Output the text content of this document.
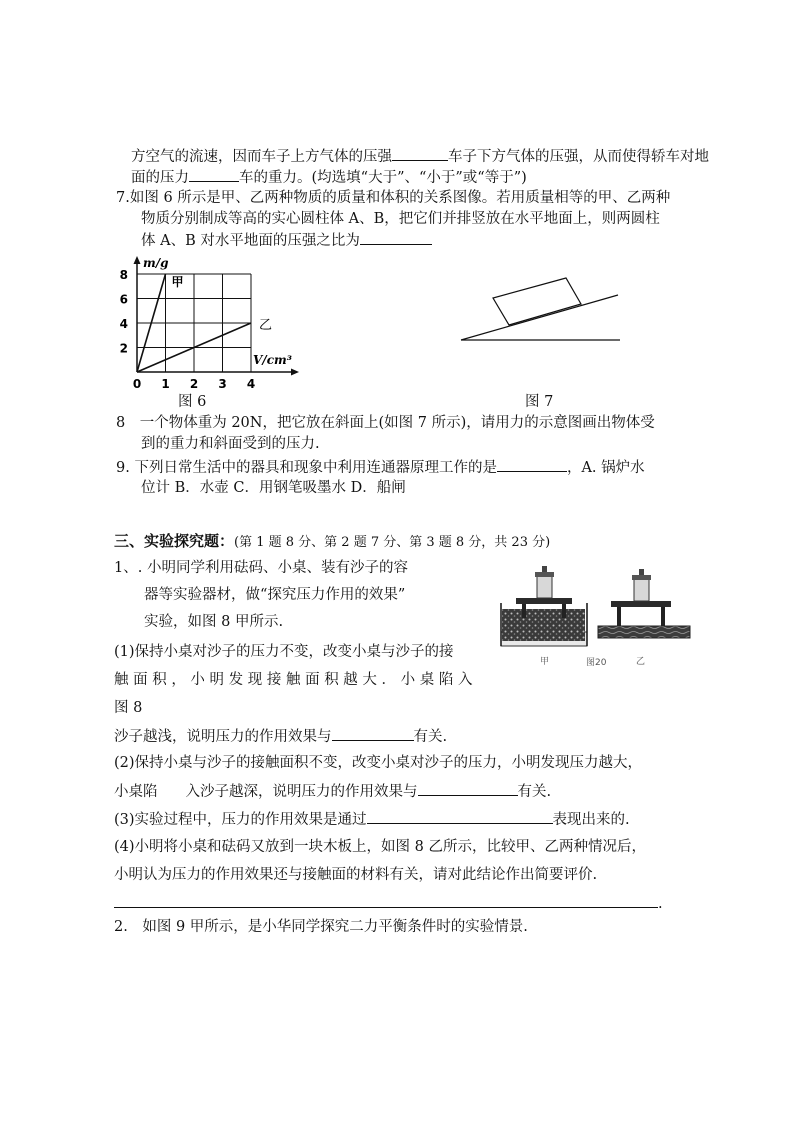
方空气的流速，因而车子上方气体的压强	车子下方气体的压强，从而使得轿车对地
面的压力	车的重力。(均选填“大于”、“小于”或“等于”)
7.如图 6 所示是甲、乙两种物质的质量和体积的关系图像。若用质量相等的甲、乙两种
物质分别制成等高的实心圆柱体 A、B，把它们并排竖放在水平地面上，则两圆柱
体 A、B 对水平地面的压强之比为
8
6
4
2
0 1 2 3 4
m/g
V/cm³
甲
乙
图 6	图 7
8　一个物体重为 20N，把它放在斜面上(如图 7 所示)，请用力的示意图画出物体受
到的重力和斜面受到的压力.
9. 下列日常生活中的器具和现象中利用连通器原理工作的是	，A. 锅炉水
位计 B．水壶 C．用钢笔吸墨水 D．船闸
三、实验探究题：(第 1 题 8 分、第 2 题 7 分、第 3 题 8 分，共 23 分)
1、. 小明同学利用砝码、小桌、装有沙子的容
器等实验器材，做“探究压力作用的效果”
实验，如图 8 甲所示.
(1)保持小桌对沙子的压力不变，改变小桌与沙子的接
触 面 积 ， 小 明 发 现 接 触 面 积 越 大 ． 小 桌 陷 入
图 8
沙子越浅，说明压力的作用效果与	有关.
(2)保持小桌与沙子的接触面积不变，改变小桌对沙子的压力，小明发现压力越大，
小桌陷 入沙子越深，说明压力的作用效果与	有关.
(3)实验过程中，压力的作用效果是通过	表现出来的.
(4)小明将小桌和砝码又放到一块木板上，如图 8 乙所示，比较甲、乙两种情况后，
小明认为压力的作用效果还与接触面的材料有关，请对此结论作出简要评价.
.
甲	图20	乙
2.　如图 9 甲所示，是小华同学探究二力平衡条件时的实验情景.
